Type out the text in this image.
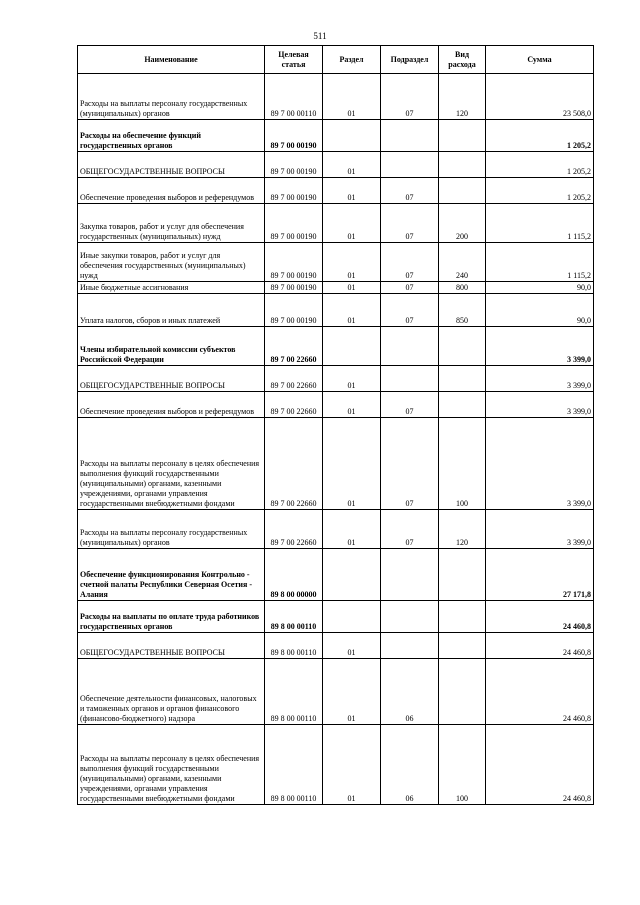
511
Наименование	Целевая статья	Раздел	Подраздел	Вид расхода	Сумма
Расходы на выплаты персоналу государственных (муниципальных) органов	89 7 00 00110	01	07	120	23 508,0
Расходы на обеспечение функций государственных органов	89 7 00 00190				1 205,2
ОБЩЕГОСУДАРСТВЕННЫЕ ВОПРОСЫ	89 7 00 00190	01			1 205,2
Обеспечение проведения выборов и референдумов	89 7 00 00190	01	07		1 205,2
Закупка товаров, работ и услуг для обеспечения государственных (муниципальных) нужд	89 7 00 00190	01	07	200	1 115,2
Иные закупки товаров, работ и услуг для обеспечения государственных (муниципальных) нужд	89 7 00 00190	01	07	240	1 115,2
Иные бюджетные ассигнования	89 7 00 00190	01	07	800	90,0
Уплата налогов, сборов и иных платежей	89 7 00 00190	01	07	850	90,0
Члены избирательной комиссии субъектов Российской Федерации	89 7 00 22660				3 399,0
ОБЩЕГОСУДАРСТВЕННЫЕ ВОПРОСЫ	89 7 00 22660	01			3 399,0
Обеспечение проведения выборов и референдумов	89 7 00 22660	01	07		3 399,0
Расходы на выплаты персоналу в целях обеспечения выполнения функций государственными (муниципальными) органами, казенными учреждениями, органами управления государственными внебюджетными фондами	89 7 00 22660	01	07	100	3 399,0
Расходы на выплаты персоналу государственных (муниципальных) органов	89 7 00 22660	01	07	120	3 399,0
Обеспечение функционирования Контрольно - счетной палаты Республики Северная Осетия - Алания	89 8 00 00000				27 171,8
Расходы на выплаты по оплате труда работников государственных органов	89 8 00 00110				24 460,8
ОБЩЕГОСУДАРСТВЕННЫЕ ВОПРОСЫ	89 8 00 00110	01			24 460,8
Обеспечение деятельности финансовых, налоговых и таможенных органов и органов финансового (финансово-бюджетного) надзора	89 8 00 00110	01	06		24 460,8
Расходы на выплаты персоналу в целях обеспечения выполнения функций государственными (муниципальными) органами, казенными учреждениями, органами управления государственными внебюджетными фондами	89 8 00 00110	01	06	100	24 460,8
